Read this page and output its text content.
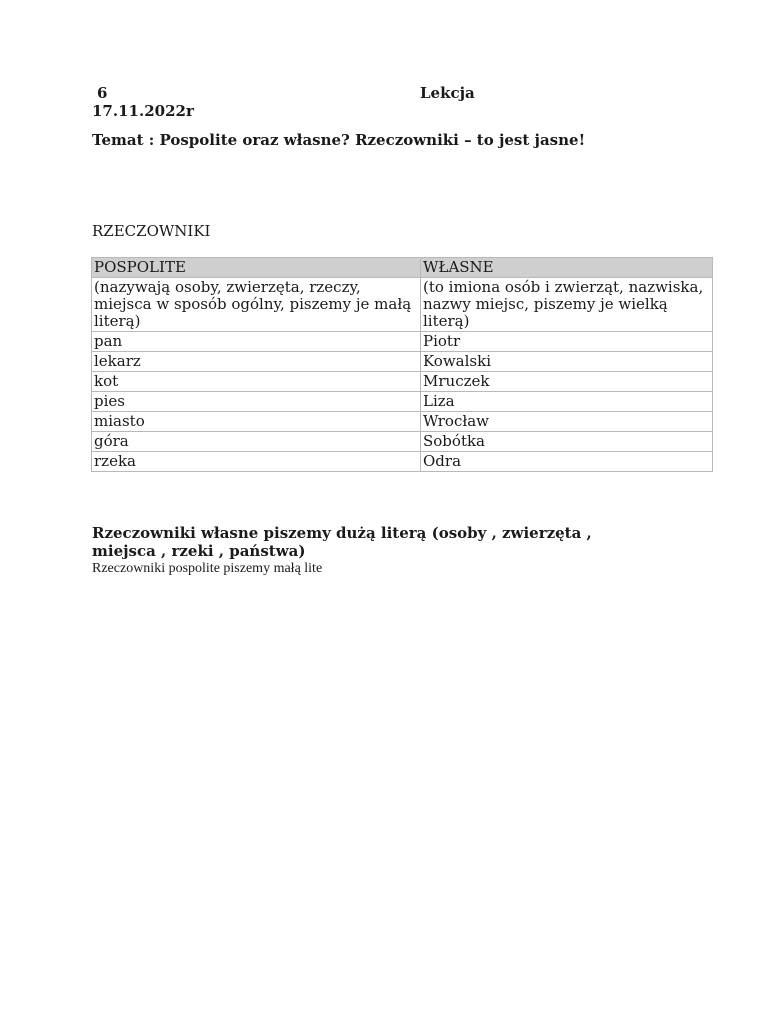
6	Lekcja
17.11.2022r
Temat : Pospolite oraz własne? Rzeczowniki – to jest jasne!
RZECZOWNIKI
POSPOLITE	WŁASNE
(nazywają osoby, zwierzęta, rzeczy, miejsca w sposób ogólny, piszemy je małą literą)	(to imiona osób i zwierząt, nazwiska, nazwy miejsc, piszemy je wielką literą)
pan	Piotr
lekarz	Kowalski
kot	Mruczek
pies	Liza
miasto	Wrocław
góra	Sobótka
rzeka	Odra
Rzeczowniki własne piszemy dużą literą (osoby , zwierzęta , miejsca , rzeki , państwa)
Rzeczowniki pospolite piszemy małą lite
